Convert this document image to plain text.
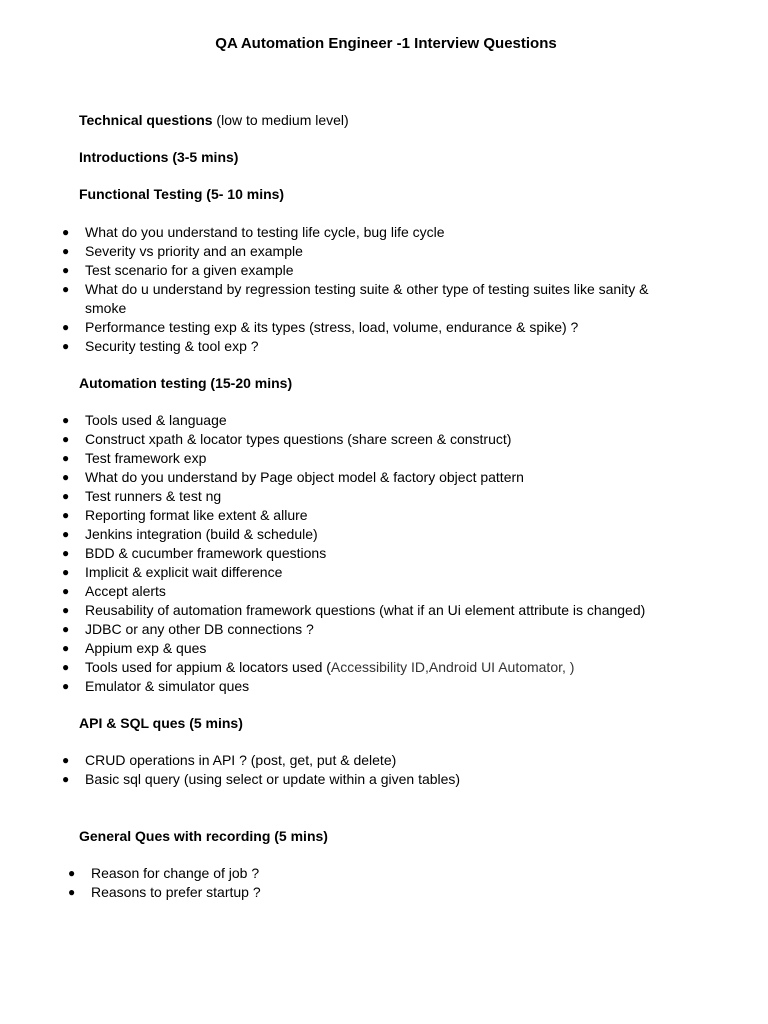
QA Automation Engineer -1 Interview Questions
Technical questions (low to medium level)
Introductions (3-5 mins)
Functional Testing (5- 10 mins)
● What do you understand to testing life cycle, bug life cycle
● Severity vs priority and an example
● Test scenario for a given example
● What do u understand by regression testing suite & other type of testing suites like sanity & smoke
● Performance testing exp & its types (stress, load, volume, endurance & spike) ?
● Security testing & tool exp ?
Automation testing (15-20 mins)
● Tools used & language
● Construct xpath & locator types questions (share screen & construct)
● Test framework exp
● What do you understand by Page object model & factory object pattern
● Test runners & test ng
● Reporting format like extent & allure
● Jenkins integration (build & schedule)
● BDD & cucumber framework questions
● Implicit & explicit wait difference
● Accept alerts
● Reusability of automation framework questions (what if an Ui element attribute is changed)
● JDBC or any other DB connections ?
● Appium exp & ques
● Tools used for appium & locators used (Accessibility ID,Android UI Automator, )
● Emulator & simulator ques
API & SQL ques (5 mins)
● CRUD operations in API ? (post, get, put & delete)
● Basic sql query (using select or update within a given tables)
General Ques with recording (5 mins)
● Reason for change of job ?
● Reasons to prefer startup ?
